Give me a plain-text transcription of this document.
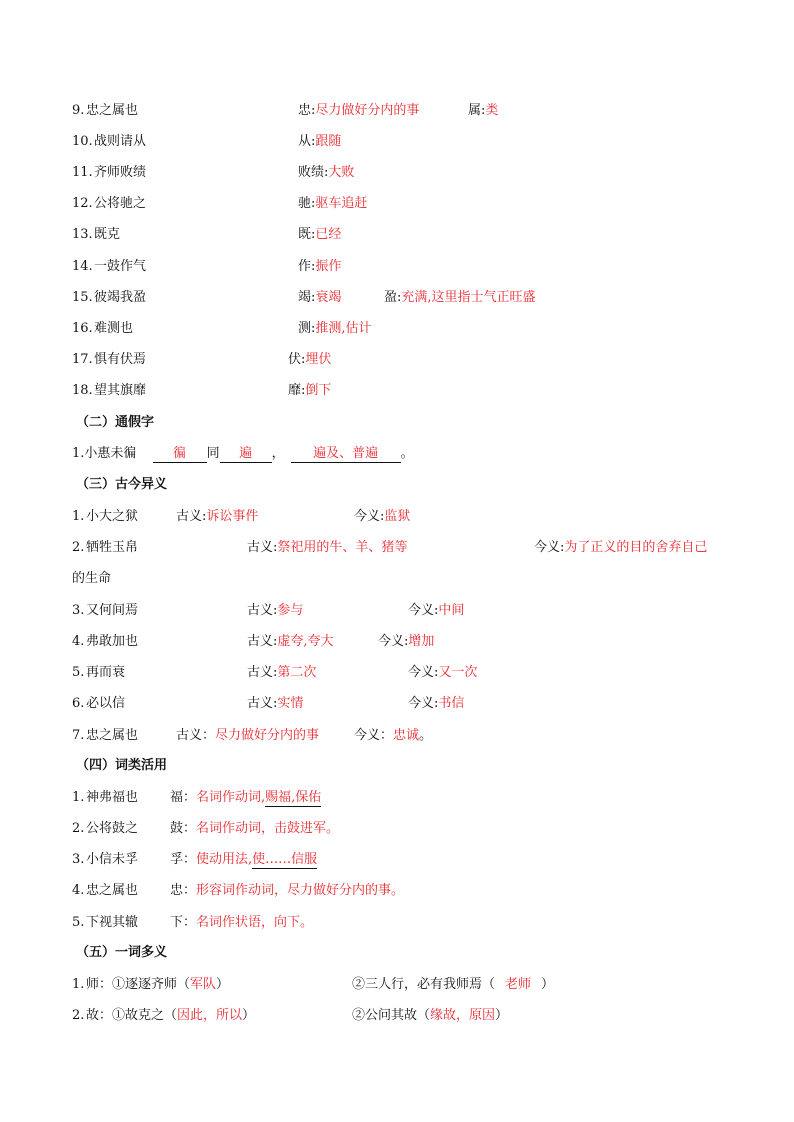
9. 忠之属也	忠:尽力做好分内的事	属:类
10. 战则请从	从:跟随
11. 齐师败绩	败绩:大败
12. 公将驰之	驰:驱车追赶
13. 既克	既:已经
14. 一鼓作气	作:振作
15. 彼竭我盈	竭:衰竭	盈:充满,这里指士气正旺盛
16. 难测也	测:推测,估计
17. 惧有伏焉	伏:埋伏
18. 望其旗靡	靡:倒下
（二）通假字
1.小惠未徧	徧 同 遍 ， 遍及、普遍 。
（三）古今异义
1. 小大之狱	古义:诉讼事件	今义:监狱
2. 牺牲玉帛	古义:祭祀用的牛、羊、猪等	今义:为了正义的目的舍弃自己
的生命
3. 又何间焉	古义:参与	今义:中间
4. 弗敢加也	古义:虚夸,夸大	今义:增加
5. 再而衰	古义:第二次	今义:又一次
6. 必以信	古义:实情	今义:书信
7. 忠之属也	古义：尽力做好分内的事	今义：忠诚。
（四）词类活用
1. 神弗福也 福：名词作动词,赐福,保佑
2. 公将鼓之 鼓：名词作动词，击鼓进军。
3. 小信未孚 孚：使动用法,使……信服
4. 忠之属也 忠：形容词作动词，尽力做好分内的事。
5. 下视其辙 下：名词作状语，向下。
（五）一词多义
1. 师：①逐逐齐师（军队）	②三人行，必有我师焉（ 老师 ）
2. 故：①故克之（因此，所以）	②公问其故（缘故，原因）
